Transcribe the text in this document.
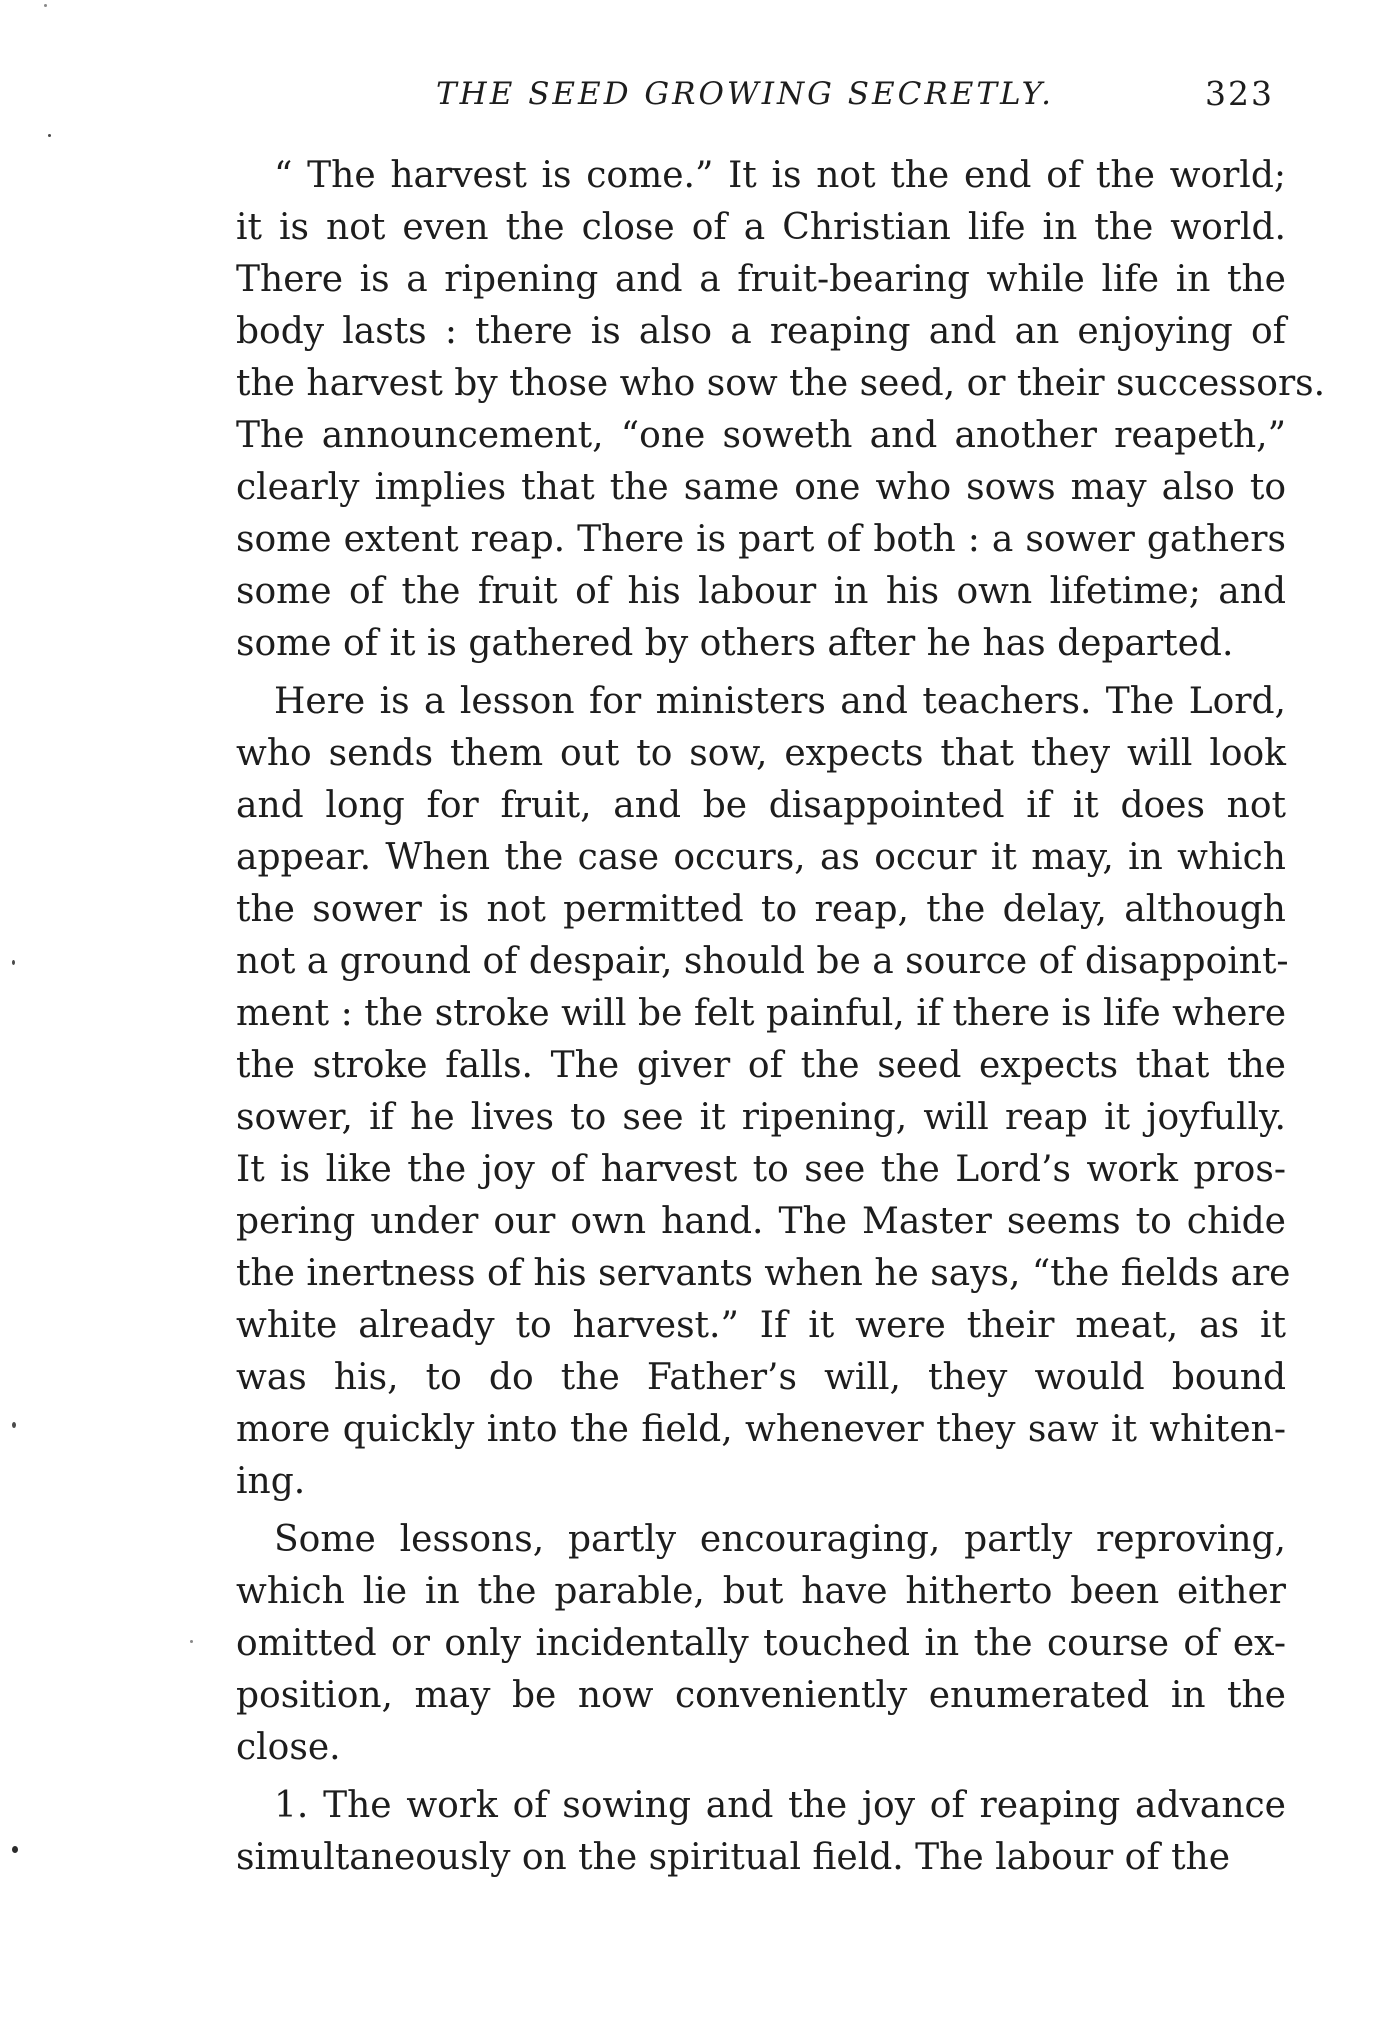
THE SEED GROWING SECRETLY.	323

“ The harvest is come.” It is not the end of the world;
it is not even the close of a Christian life in the world.
There is a ripening and a fruit-bearing while life in the
body lasts : there is also a reaping and an enjoying of
the harvest by those who sow the seed, or their successors.
The announcement, “one soweth and another reapeth,”
clearly implies that the same one who sows may also to
some extent reap. There is part of both : a sower gathers
some of the fruit of his labour in his own lifetime; and
some of it is gathered by others after he has departed.

Here is a lesson for ministers and teachers. The Lord,
who sends them out to sow, expects that they will look
and long for fruit, and be disappointed if it does not
appear. When the case occurs, as occur it may, in which
the sower is not permitted to reap, the delay, although
not a ground of despair, should be a source of disappoint-
ment : the stroke will be felt painful, if there is life where
the stroke falls. The giver of the seed expects that the
sower, if he lives to see it ripening, will reap it joyfully.
It is like the joy of harvest to see the Lord’s work pros-
pering under our own hand. The Master seems to chide
the inertness of his servants when he says, “the fields are
white already to harvest.” If it were their meat, as it
was his, to do the Father’s will, they would bound
more quickly into the field, whenever they saw it whiten-
ing.

Some lessons, partly encouraging, partly reproving,
which lie in the parable, but have hitherto been either
omitted or only incidentally touched in the course of ex-
position, may be now conveniently enumerated in the
close.

1. The work of sowing and the joy of reaping advance
simultaneously on the spiritual field. The labour of the
